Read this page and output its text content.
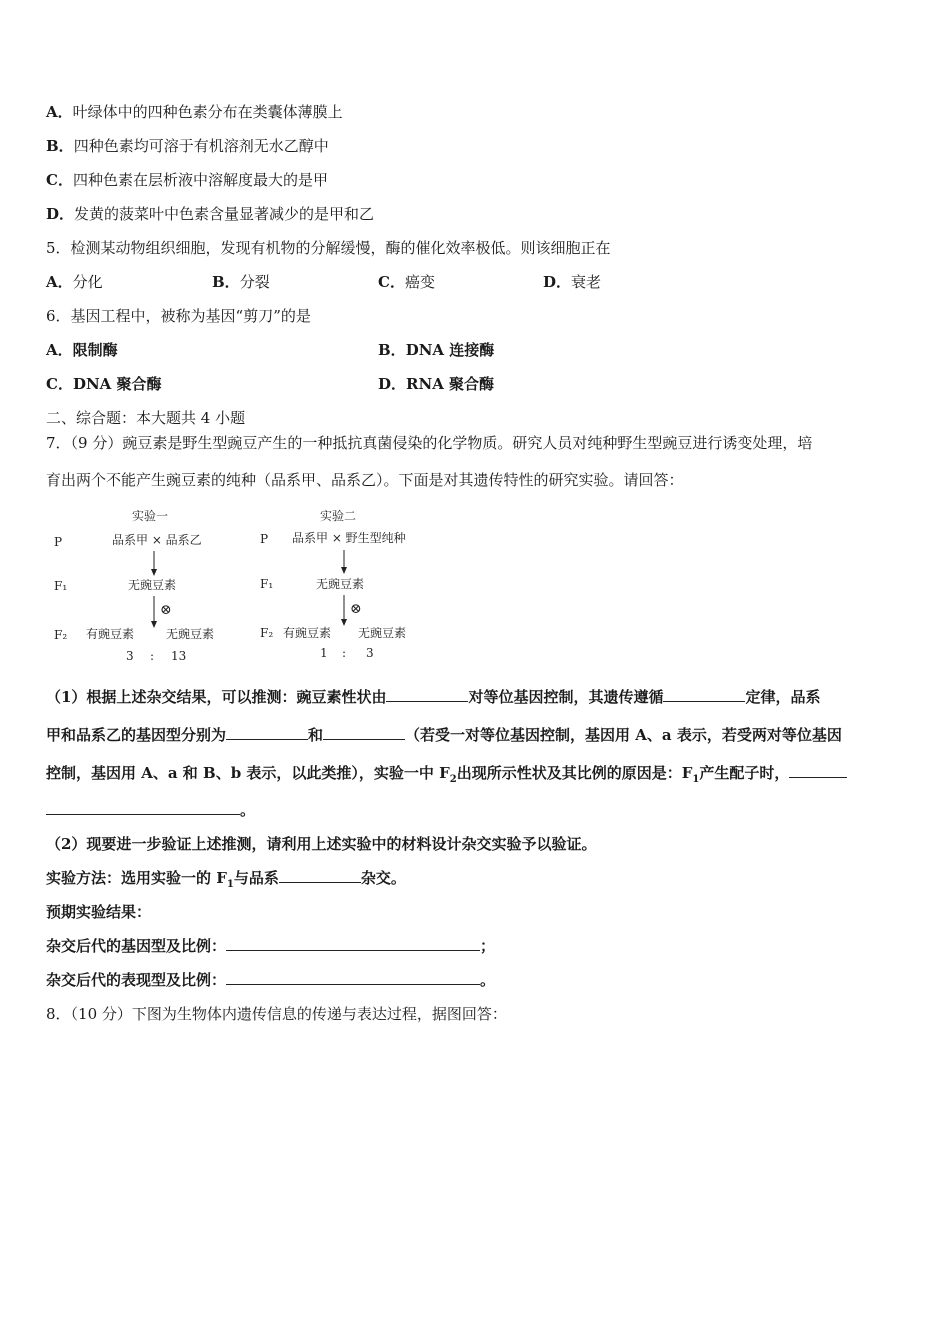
A．叶绿体中的四种色素分布在类囊体薄膜上
B．四种色素均可溶于有机溶剂无水乙醇中
C．四种色素在层析液中溶解度最大的是甲
D．发黄的菠菜叶中色素含量显著减少的是甲和乙
5．检测某动物组织细胞，发现有机物的分解缓慢，酶的催化效率极低。则该细胞正在
A．分化	B．分裂	C．癌变	D．衰老
6．基因工程中，被称为基因“剪刀”的是
A．限制酶	B．DNA 连接酶
C．DNA 聚合酶	D．RNA 聚合酶
二、综合题：本大题共 4 小题
7．（9 分）豌豆素是野生型豌豆产生的一种抵抗真菌侵染的化学物质。研究人员对纯种野生型豌豆进行诱变处理，培
育出两个不能产生豌豆素的纯种（品系甲、品系乙）。下面是对其遗传特性的研究实验。请回答：
实验一
P	品系甲 × 品系乙
F₁	无豌豆素
⊗
F₂ 有豌豆素	无豌豆素
3 : 13
实验二
P 品系甲 × 野生型纯种
F₁	无豌豆素
⊗
F₂ 有豌豆素 无豌豆素
1 : 3
（1）根据上述杂交结果，可以推测：豌豆素性状由	对等位基因控制，其遗传遵循	定律，品系
甲和品系乙的基因型分别为	和	（若受一对等位基因控制，基因用 A、a 表示，若受两对等位基因
控制，基因用 A、a 和 B、b 表示，以此类推），实验一中 $F_2$出现所示性状及其比例的原因是：$F_1$产生配子时，
。
（2）现要进一步验证上述推测，请利用上述实验中的材料设计杂交实验予以验证。
实验方法：选用实验一的 $F_1$与品系	杂交。
预期实验结果：
杂交后代的基因型及比例：	；
杂交后代的表现型及比例：	。
8．（10 分）下图为生物体内遗传信息的传递与表达过程，据图回答：
